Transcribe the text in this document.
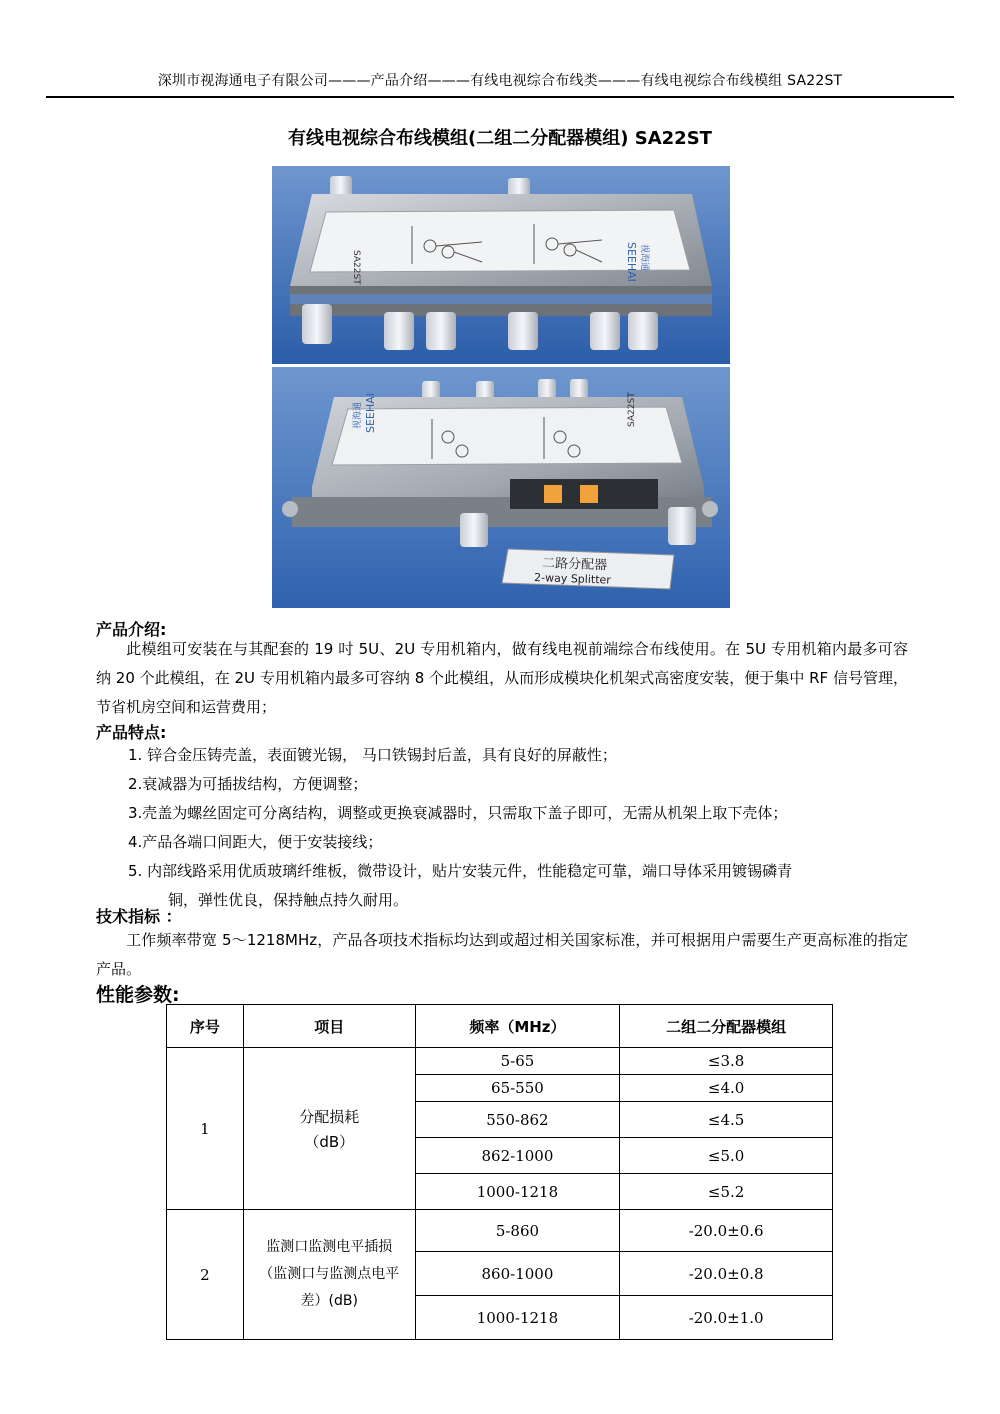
深圳市视海通电子有限公司———产品介绍———有线电视综合布线类———有线电视综合布线模组 SA22ST
有线电视综合布线模组(二组二分配器模组) SA22ST
SA22ST	SEEHAI 视海通
SEEHAI
视海通	SA22ST
二路分配器
2-way Splitter
产品介绍:
此模组可安装在与其配套的 19 吋 5U、2U 专用机箱内，做有线电视前端综合布线使用。在 5U 专用机箱内最多可容纳 20 个此模组，在 2U 专用机箱内最多可容纳 8 个此模组，从而形成模块化机架式高密度安装，便于集中 RF 信号管理，节省机房空间和运营费用；
产品特点:
1. 锌合金压铸壳盖，表面镀光锡， 马口铁锡封后盖，具有良好的屏蔽性；
2.衰减器为可插拔结构，方便调整；
3.壳盖为螺丝固定可分离结构，调整或更换衰减器时，只需取下盖子即可，无需从机架上取下壳体；
4.产品各端口间距大，便于安装接线；
5. 内部线路采用优质玻璃纤维板，微带设计，贴片安装元件，性能稳定可靠，端口导体采用镀锡磷青
铜，弹性优良，保持触点持久耐用。
技术指标 ：
工作频率带宽 5～1218MHz，产品各项技术指标均达到或超过相关国家标准，并可根据用户需要生产更高标准的指定产品。
性能参数:
序号	项目	频率（MHz）	二组二分配器模组
1	分配损耗
（dB）	5-65	≤3.8
		65-550	≤4.0
		550-862	≤4.5
		862-1000	≤5.0
		1000-1218	≤5.2
2	监测口监测电平插损
（监测口与监测点电平
差）(dB)	5-860	-20.0±0.6
		860-1000	-20.0±0.8
		1000-1218	-20.0±1.0
